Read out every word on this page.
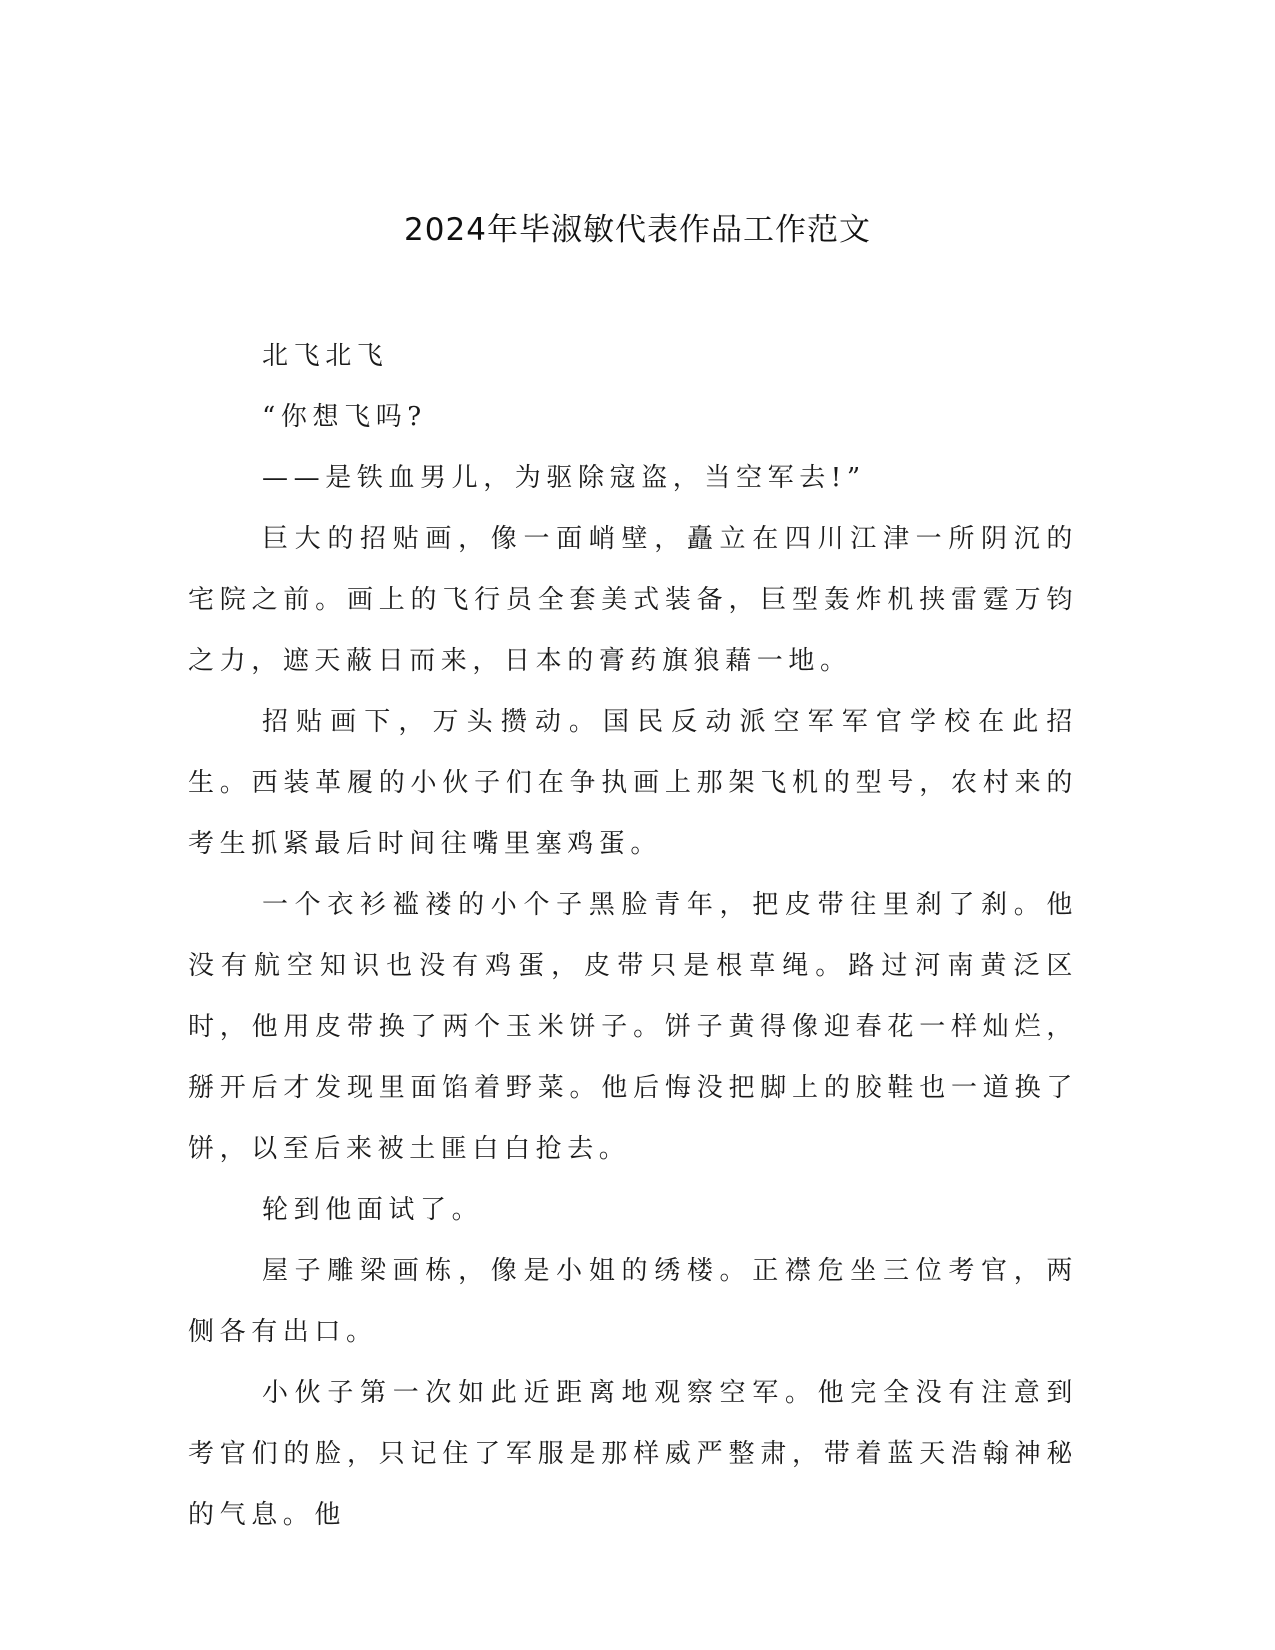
2024年毕淑敏代表作品工作范文

北飞北飞

“你想飞吗?

——是铁血男儿，为驱除寇盗，当空军去!”

巨大的招贴画，像一面峭壁，矗立在四川江津一所阴沉的宅院之前。画上的飞行员全套美式装备，巨型轰炸机挟雷霆万钧之力，遮天蔽日而来，日本的膏药旗狼藉一地。

招贴画下，万头攒动。国民反动派空军军官学校在此招生。西装革履的小伙子们在争执画上那架飞机的型号，农村来的考生抓紧最后时间往嘴里塞鸡蛋。

一个衣衫褴褛的小个子黑脸青年，把皮带往里刹了刹。他没有航空知识也没有鸡蛋，皮带只是根草绳。路过河南黄泛区时，他用皮带换了两个玉米饼子。饼子黄得像迎春花一样灿烂，掰开后才发现里面馅着野菜。他后悔没把脚上的胶鞋也一道换了饼，以至后来被土匪白白抢去。

轮到他面试了。

屋子雕梁画栋，像是小姐的绣楼。正襟危坐三位考官，两侧各有出口。

小伙子第一次如此近距离地观察空军。他完全没有注意到考官们的脸，只记住了军服是那样威严整肃，带着蓝天浩翰神秘的气息。他
